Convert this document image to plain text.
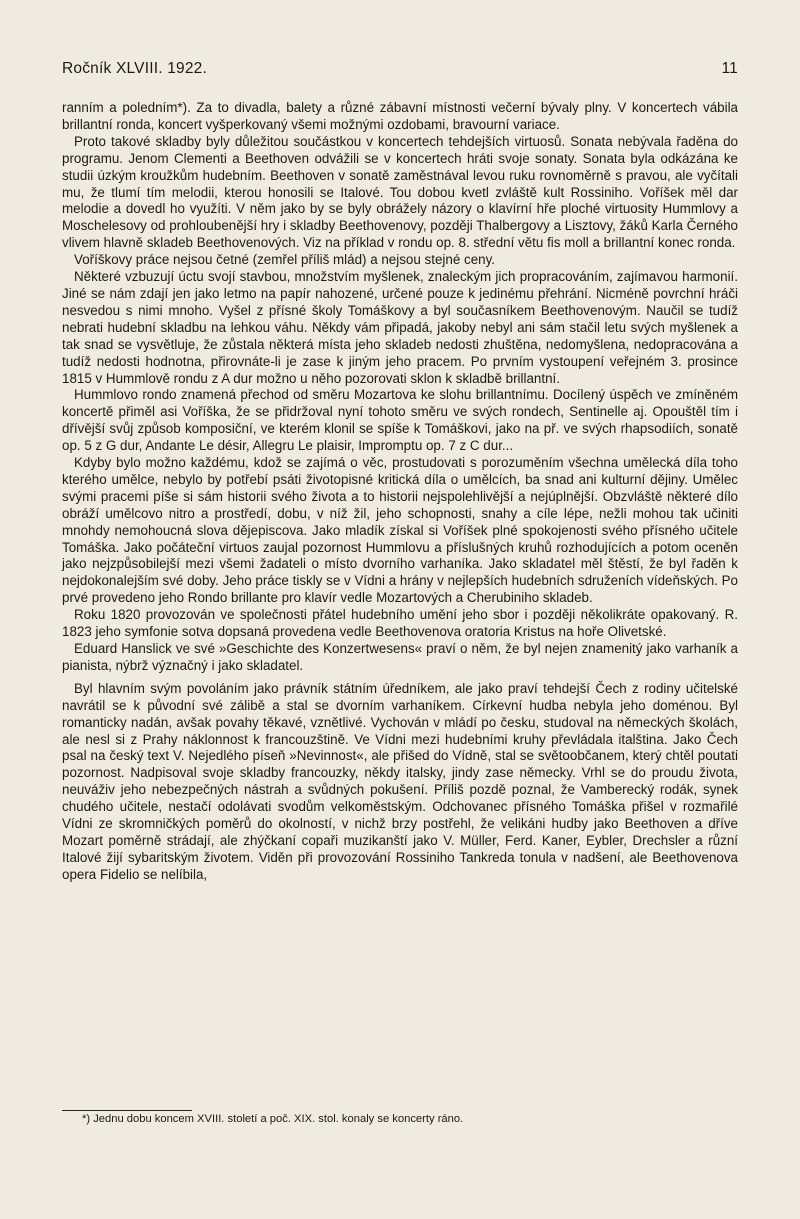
Ročník XLVIII. 1922.	11

ranním a poledním*). Za to divadla, balety a různé zábavní místnosti večerní bývaly plny. V koncertech vábila brillantní ronda, koncert vyšperkovaný všemi možnými ozdobami, bravourní variace.

Proto takové skladby byly důležitou součástkou v koncertech tehdejších virtuosů. Sonata nebývala řaděna do programu. Jenom Clementi a Beethoven odvážili se v koncertech hráti svoje sonaty. Sonata byla odkázána ke studii úzkým kroužkům hudebním. Beethoven v sonatě zaměstnával levou ruku rovnoměrně s pravou, ale vyčítali mu, že tlumí tím melodii, kterou honosili se Italové. Tou dobou kvetl zvláště kult Rossiniho. Voříšek měl dar melodie a dovedl ho využíti. V něm jako by se byly obrážely názory o klavírní hře ploché virtuosity Hummlovy a Moschelesovy od prohloubenější hry i skladby Beethovenovy, později Thalbergovy a Lisztovy, žáků Karla Černého vlivem hlavně skladeb Beethovenových. Viz na příklad v rondu op. 8. střední větu fis moll a brillantní konec ronda.

Voříškovy práce nejsou četné (zemřel příliš mlád) a nejsou stejné ceny.

Některé vzbuzují úctu svojí stavbou, množstvím myšlenek, znaleckým jich propracováním, zajímavou harmonií. Jiné se nám zdají jen jako letmo na papír nahozené, určené pouze k jedinému přehrání. Nicméně povrchní hráči nesvedou s nimi mnoho. Vyšel z přísné školy Tomáškovy a byl současníkem Beethovenovým. Naučil se tudíž nebrati hudební skladbu na lehkou váhu. Někdy vám připadá, jakoby nebyl ani sám stačil letu svých myšlenek a tak snad se vysvětluje, že zůstala některá místa jeho skladeb nedosti zhuštěna, nedomyšlena, nedopracována a tudíž nedosti hodnotna, přirovnáte-li je zase k jiným jeho pracem. Po prvním vystoupení veřejném 3. prosince 1815 v Hummlově rondu z A dur možno u něho pozorovati sklon k skladbě brillantní.

Hummlovo rondo znamená přechod od směru Mozartova ke slohu brillantnímu. Docílený úspěch ve zmíněném koncertě přiměl asi Voříška, že se přidržoval nyní tohoto směru ve svých rondech, Sentinelle aj. Opouštěl tím i dřívější svůj způsob komposiční, ve kterém klonil se spíše k Tomáškovi, jako na př. ve svých rhapsodiích, sonatě op. 5 z G dur, Andante Le désir, Allegru Le plaisir, Impromptu op. 7 z C dur...

Kdyby bylo možno každému, kdož se zajímá o věc, prostudovati s porozuměním všechna umělecká díla toho kterého umělce, nebylo by potřebí psáti životopisné kritická díla o umělcích, ba snad ani kulturní dějiny. Umělec svými pracemi píše si sám historii svého života a to historii nejspolehlivější a nejúplnější. Obzvláště některé dílo obráží umělcovo nitro a prostředí, dobu, v níž žil, jeho schopnosti, snahy a cíle lépe, nežli mohou tak učiniti mnohdy nemohoucná slova dějepiscova. Jako mladík získal si Voříšek plné spokojenosti svého přísného učitele Tomáška. Jako počáteční virtuos zaujal pozornost Hummlovu a příslušných kruhů rozhodujících a potom oceněn jako nejzpůsobilejší mezi všemi žadateli o místo dvorního varhaníka. Jako skladatel měl štěstí, že byl řaděn k nejdokonalejším své doby. Jeho práce tiskly se v Vídni a hrány v nejlepších hudebních sdruženích vídeňských. Po prvé provedeno jeho Rondo brillante pro klavír vedle Mozartových a Cherubiniho skladeb.

Roku 1820 provozován ve společnosti přátel hudebního umění jeho sbor i později několikráte opakovaný. R. 1823 jeho symfonie sotva dopsaná provedena vedle Beethovenova oratoria Kristus na hoře Olivetské.

Eduard Hanslick ve své »Geschichte des Konzertwesens« praví o něm, že byl nejen znamenitý jako varhaník a pianista, nýbrž význačný i jako skladatel.

Byl hlavním svým povoláním jako právník státním úředníkem, ale jako praví tehdejší Čech z rodiny učitelské navrátil se k původní své zálibě a stal se dvorním varhaníkem. Církevní hudba nebyla jeho doménou. Byl romanticky nadán, avšak povahy těkavé, vznětlivé. Vychován v mládí po česku, studoval na německých školách, ale nesl si z Prahy náklonnost k francouzštině. Ve Vídni mezi hudebními kruhy převládala italština. Jako Čech psal na český text V. Nejedlého píseň »Nevinnost«, ale přišed do Vídně, stal se světoobčanem, který chtěl poutati pozornost. Nadpisoval svoje skladby francouzky, někdy italsky, jindy zase německy. Vrhl se do proudu života, neuváživ jeho nebezpečných nástrah a svůdných pokušení. Příliš pozdě poznal, že Vamberecký rodák, synek chudého učitele, nestačí odolávati svodům velkoměstským. Odchovanec přísného Tomáška přišel v rozmařilé Vídni ze skromničkých poměrů do okolností, v nichž brzy postřehl, že velikáni hudby jako Beethoven a dříve Mozart poměrně strádají, ale zhýčkaní copaři muzikanští jako V. Müller, Ferd. Kaner, Eybler, Drechsler a různí Italové žijí sybaritským životem. Viděn při provozování Rossiniho Tankreda tonula v nadšení, ale Beethovenova opera Fidelio se nelíbila,

*) Jednu dobu koncem XVIII. století a poč. XIX. stol. konaly se koncerty ráno.
